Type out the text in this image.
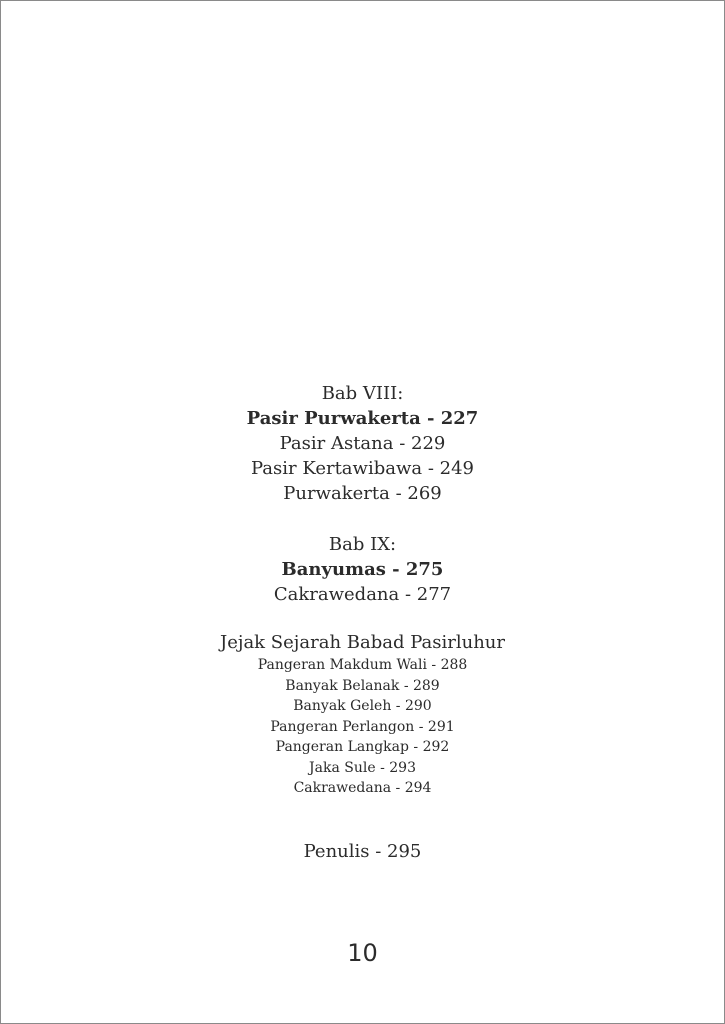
Bab VIII:
Pasir Purwakerta - 227
Pasir Astana - 229
Pasir Kertawibawa - 249
Purwakerta - 269
Bab IX:
Banyumas - 275
Cakrawedana - 277
Jejak Sejarah Babad Pasirluhur
Pangeran Makdum Wali - 288
Banyak Belanak - 289
Banyak Geleh - 290
Pangeran Perlangon - 291
Pangeran Langkap - 292
Jaka Sule - 293
Cakrawedana - 294
Penulis - 295
10
